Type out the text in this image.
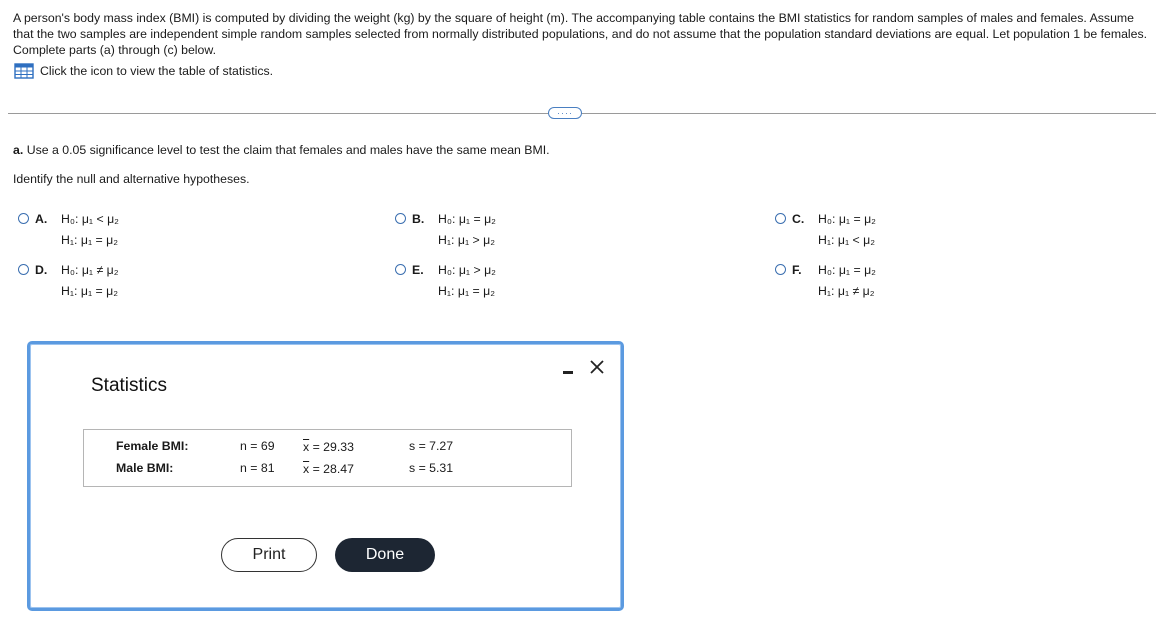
A person's body mass index (BMI) is computed by dividing the weight (kg) by the square of height (m). The accompanying table contains the BMI statistics for random samples of males and females. Assume that the two samples are independent simple random samples selected from normally distributed populations, and do not assume that the population standard deviations are equal. Let population 1 be females. Complete parts (a) through (c) below.
Click the icon to view the table of statistics.
····
a. Use a 0.05 significance level to test the claim that females and males have the same mean BMI.
Identify the null and alternative hypotheses.
A.	H₀: μ₁ < μ₂
H₁: μ₁ = μ₂
B.	H₀: μ₁ = μ₂
H₁: μ₁ > μ₂
C.	H₀: μ₁ = μ₂
H₁: μ₁ < μ₂
D.	H₀: μ₁ ≠ μ₂
H₁: μ₁ = μ₂
E.	H₀: μ₁ > μ₂
H₁: μ₁ = μ₂
F.	H₀: μ₁ = μ₂
H₁: μ₁ ≠ μ₂
Statistics
Female BMI:	n = 69 $\overline{x} = 29.33$	s = 7.27
Male BMI:	n = 81 $\overline{x} = 28.47$	s = 5.31
Print	Done
